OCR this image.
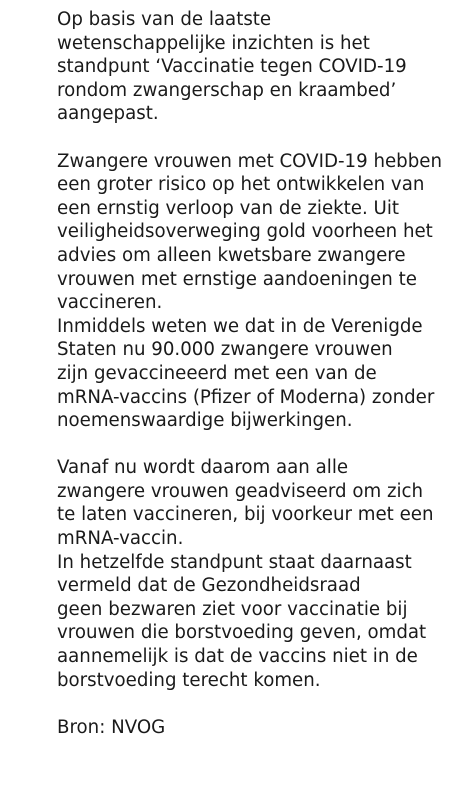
Op basis van de laatste
wetenschappelijke inzichten is het
standpunt ‘Vaccinatie tegen COVID-19
rondom zwangerschap en kraambed’
aangepast.
Zwangere vrouwen met COVID-19 hebben
een groter risico op het ontwikkelen van
een ernstig verloop van de ziekte. Uit
veiligheidsoverweging gold voorheen het
advies om alleen kwetsbare zwangere
vrouwen met ernstige aandoeningen te
vaccineren.
Inmiddels weten we dat in de Verenigde
Staten nu 90.000 zwangere vrouwen
zijn gevaccineeerd met een van de
mRNA-vaccins (Pfizer of Moderna) zonder
noemenswaardige bijwerkingen.
Vanaf nu wordt daarom aan alle
zwangere vrouwen geadviseerd om zich
te laten vaccineren, bij voorkeur met een
mRNA-vaccin.
In hetzelfde standpunt staat daarnaast
vermeld dat de Gezondheidsraad
geen bezwaren ziet voor vaccinatie bij
vrouwen die borstvoeding geven, omdat
aannemelijk is dat de vaccins niet in de
borstvoeding terecht komen.
Bron: NVOG
